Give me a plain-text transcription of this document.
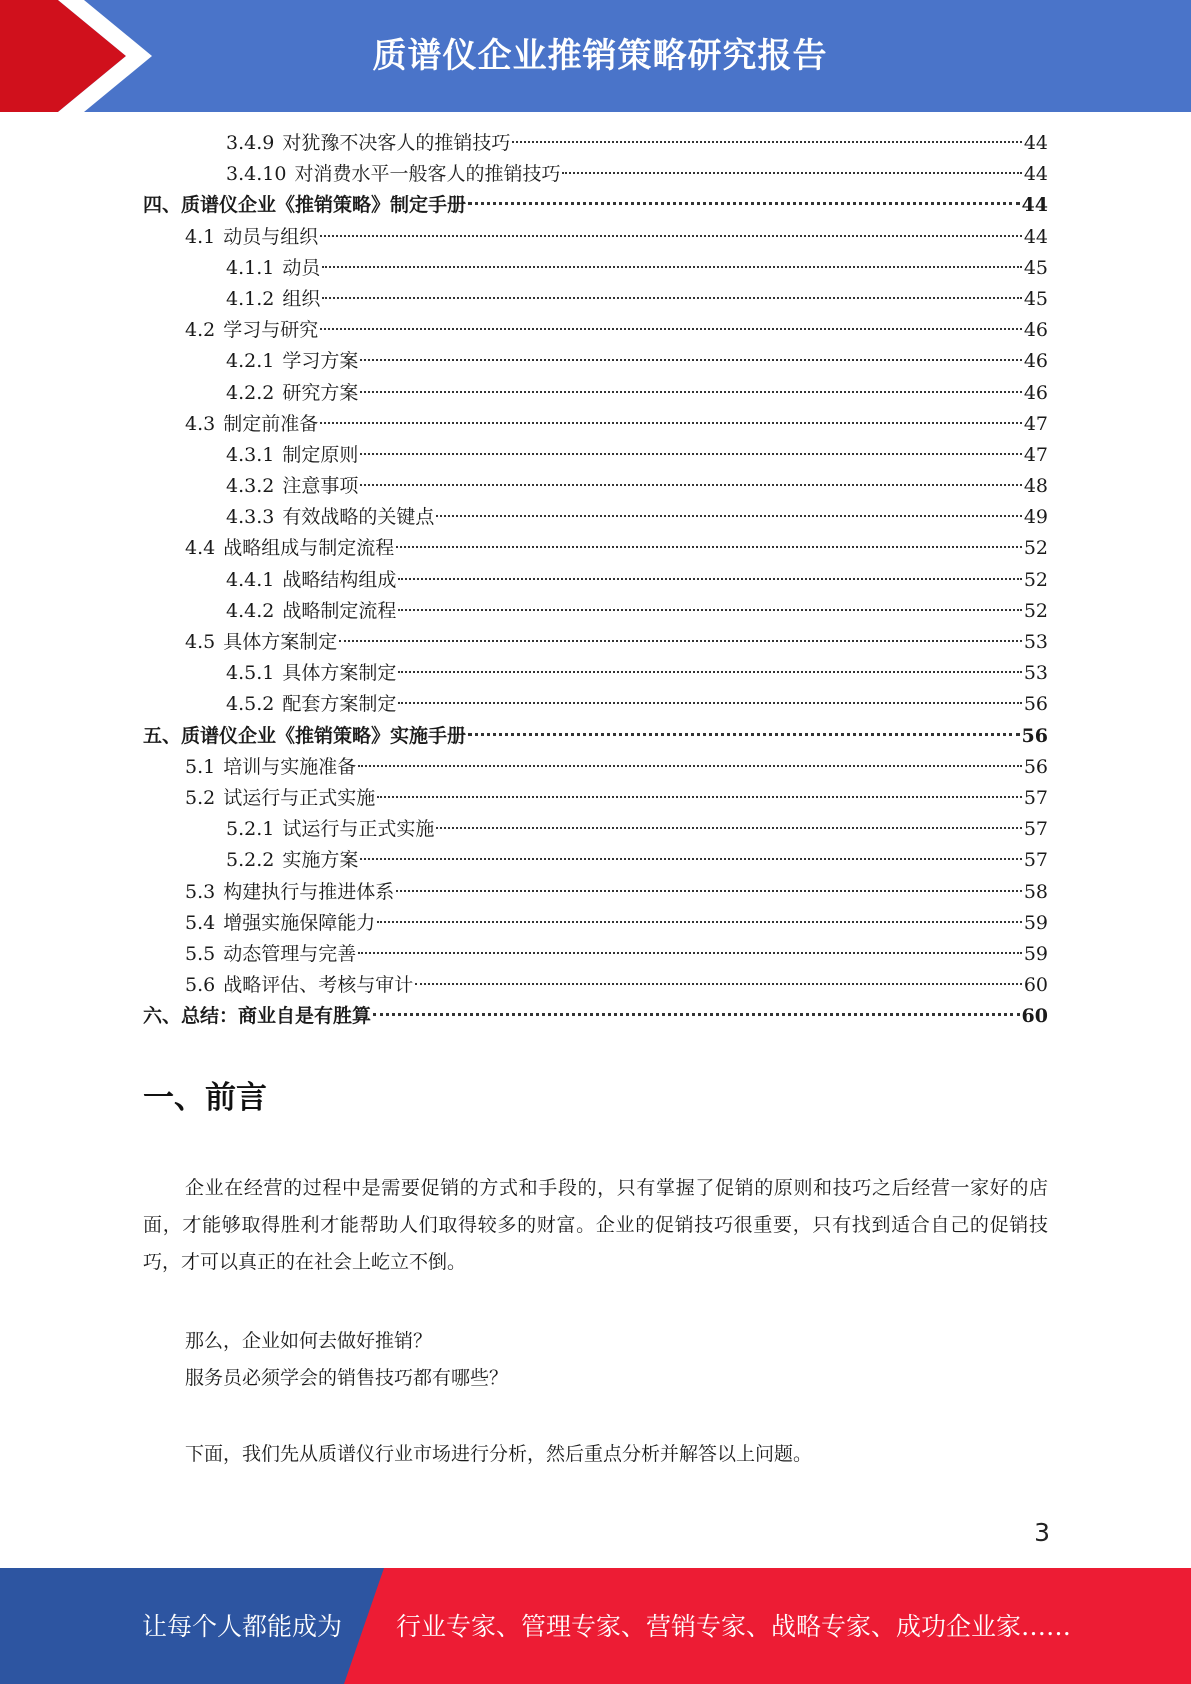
质谱仪企业推销策略研究报告
3.4.9 对犹豫不决客人的推销技巧	44
3.4.10 对消费水平一般客人的推销技巧	44
四、 质谱仪企业《推销策略》制定手册	44
4.1 动员与组织	44
4.1.1 动员	45
4.1.2 组织	45
4.2 学习与研究	46
4.2.1 学习方案	46
4.2.2 研究方案	46
4.3 制定前准备	47
4.3.1 制定原则	47
4.3.2 注意事项	48
4.3.3 有效战略的关键点	49
4.4 战略组成与制定流程	52
4.4.1 战略结构组成	52
4.4.2 战略制定流程	52
4.5 具体方案制定	53
4.5.1 具体方案制定	53
4.5.2 配套方案制定	56
五、 质谱仪企业《推销策略》实施手册	56
5.1 培训与实施准备	56
5.2 试运行与正式实施	57
5.2.1 试运行与正式实施	57
5.2.2 实施方案	57
5.3 构建执行与推进体系	58
5.4 增强实施保障能力	59
5.5 动态管理与完善	59
5.6 战略评估、考核与审计	60
六、 总结：商业自是有胜算	60
一、前言

企业在经营的过程中是需要促销的方式和手段的，只有掌握了促销的原则和技巧之后经营一家好的店面，才能够取得胜利才能帮助人们取得较多的财富。企业的促销技巧很重要，只有找到适合自己的促销技巧，才可以真正的在社会上屹立不倒。

那么，企业如何去做好推销？
服务员必须学会的销售技巧都有哪些？
下面，我们先从质谱仪行业市场进行分析，然后重点分析并解答以上问题。
3
让每个人都能成为 行业专家、管理专家、营销专家、战略专家、成功企业家……
